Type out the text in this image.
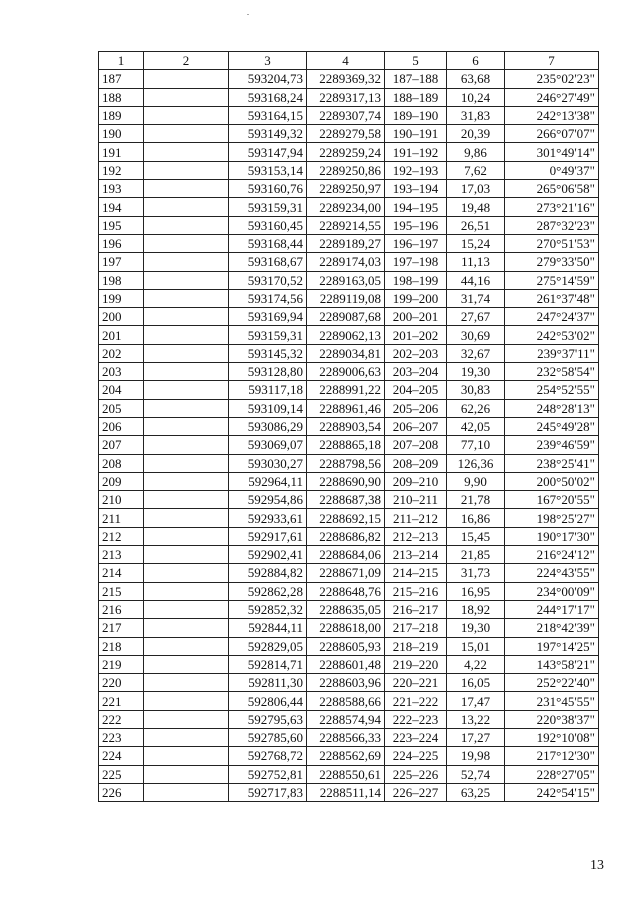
1	2	3	4	5	6	7
187		593204,73	2289369,32	187–188	63,68	235°02'23"
188		593168,24	2289317,13	188–189	10,24	246°27'49"
189		593164,15	2289307,74	189–190	31,83	242°13'38"
190		593149,32	2289279,58	190–191	20,39	266°07'07"
191		593147,94	2289259,24	191–192	9,86	301°49'14"
192		593153,14	2289250,86	192–193	7,62	0°49'37"
193		593160,76	2289250,97	193–194	17,03	265°06'58"
194		593159,31	2289234,00	194–195	19,48	273°21'16"
195		593160,45	2289214,55	195–196	26,51	287°32'23"
196		593168,44	2289189,27	196–197	15,24	270°51'53"
197		593168,67	2289174,03	197–198	11,13	279°33'50"
198		593170,52	2289163,05	198–199	44,16	275°14'59"
199		593174,56	2289119,08	199–200	31,74	261°37'48"
200		593169,94	2289087,68	200–201	27,67	247°24'37"
201		593159,31	2289062,13	201–202	30,69	242°53'02"
202		593145,32	2289034,81	202–203	32,67	239°37'11"
203		593128,80	2289006,63	203–204	19,30	232°58'54"
204		593117,18	2288991,22	204–205	30,83	254°52'55"
205		593109,14	2288961,46	205–206	62,26	248°28'13"
206		593086,29	2288903,54	206–207	42,05	245°49'28"
207		593069,07	2288865,18	207–208	77,10	239°46'59"
208		593030,27	2288798,56	208–209	126,36	238°25'41"
209		592964,11	2288690,90	209–210	9,90	200°50'02"
210		592954,86	2288687,38	210–211	21,78	167°20'55"
211		592933,61	2288692,15	211–212	16,86	198°25'27"
212		592917,61	2288686,82	212–213	15,45	190°17'30"
213		592902,41	2288684,06	213–214	21,85	216°24'12"
214		592884,82	2288671,09	214–215	31,73	224°43'55"
215		592862,28	2288648,76	215–216	16,95	234°00'09"
216		592852,32	2288635,05	216–217	18,92	244°17'17"
217		592844,11	2288618,00	217–218	19,30	218°42'39"
218		592829,05	2288605,93	218–219	15,01	197°14'25"
219		592814,71	2288601,48	219–220	4,22	143°58'21"
220		592811,30	2288603,96	220–221	16,05	252°22'40"
221		592806,44	2288588,66	221–222	17,47	231°45'55"
222		592795,63	2288574,94	222–223	13,22	220°38'37"
223		592785,60	2288566,33	223–224	17,27	192°10'08"
224		592768,72	2288562,69	224–225	19,98	217°12'30"
225		592752,81	2288550,61	225–226	52,74	228°27'05"
226		592717,83	2288511,14	226–227	63,25	242°54'15"
13
